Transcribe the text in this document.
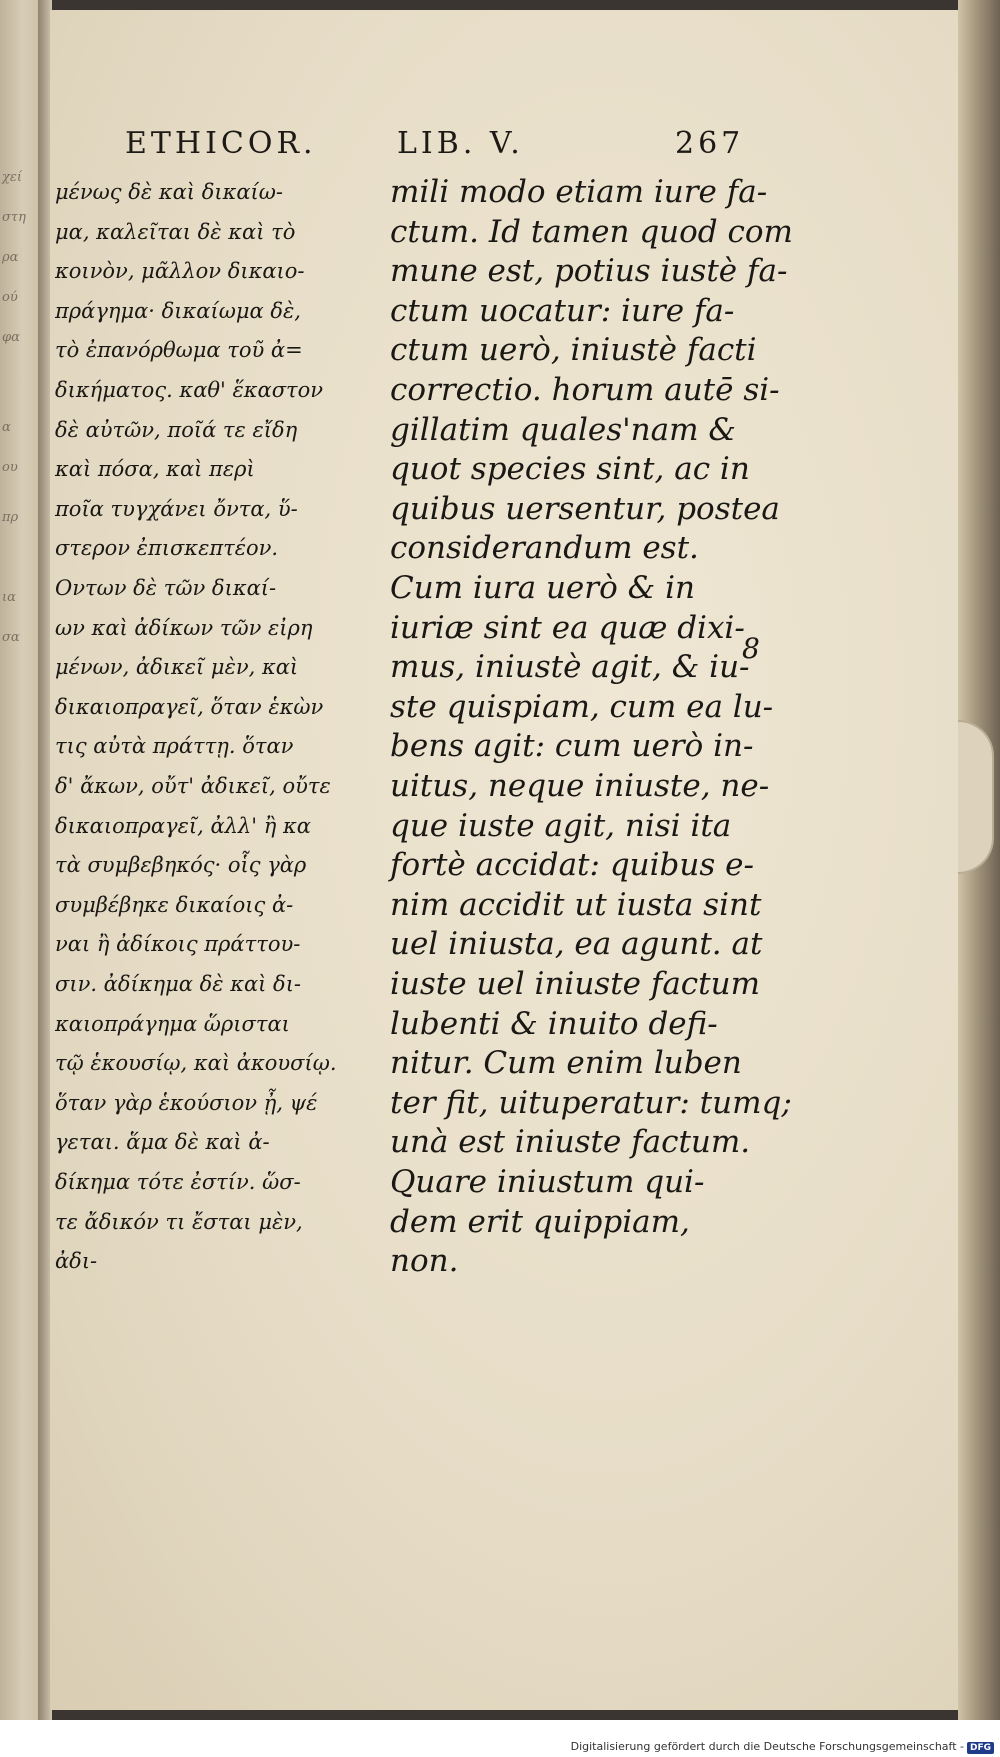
χεί
στη
ρα
ού
φα
α
ου
πρ
ια
σα
ETHICOR.	LIB. V.	267
μένως δὲ καὶ δικαίω-
μα, καλεῖται δὲ καὶ τὸ
κοινὸν, μᾶλλον δικαιο-
πράγημα· δικαίωμα δὲ,
τὸ ἐπανόρθωμα τοῦ ἀ=
δικήματος. καθ' ἕκαστον
δὲ αὐτῶν, ποῖά τε εἴδη
καὶ πόσα, καὶ περὶ
ποῖα τυγχάνει ὄντα, ὕ-
στερον ἐπισκεπτέον.
Οντων δὲ τῶν δικαί-
ων καὶ ἀδίκων τῶν εἰρη
μένων, ἀδικεῖ μὲν, καὶ
δικαιοπραγεῖ, ὅταν ἑκὼν
τις αὐτὰ πράττῃ. ὅταν
δ' ἄκων, οὔτ' ἀδικεῖ, οὔτε
δικαιοπραγεῖ, ἀλλ' ἢ κα
τὰ συμβεβηκός· οἷς γὰρ
συμβέβηκε δικαίοις ἀ-
ναι ἢ ἀδίκοις πράττου-
σιν. ἀδίκημα δὲ καὶ δι-
καιοπράγημα ὥρισται
τῷ ἑκουσίῳ, καὶ ἀκουσίῳ.
ὅταν γὰρ ἑκούσιον ᾖ, ψέ
γεται. ἅμα δὲ καὶ ἀ-
δίκημα τότε ἐστίν. ὥσ-
τε ἄδικόν τι ἔσται μὲν,
ἀδι-
mili modo etiam iure fa-
ctum. Id tamen quod com
mune est, potius iustè fa-
ctum uocatur: iure fa-
ctum uerò, iniustè facti
correctio. horum autē si-
gillatim quales'nam &
quot species sint, ac in
quibus uersentur, postea
considerandum est.
Cum iura uerò & in
iuriæ sint ea quæ dixi-
mus, iniustè agit, & iu-
ste quispiam, cum ea lu-
bens agit: cum uerò in-
uitus, neque iniuste, ne-
que iuste agit, nisi ita
fortè accidat: quibus e-
nim accidit ut iusta sint
uel iniusta, ea agunt. at
iuste uel iniuste factum
lubenti & inuito defi-
nitur. Cum enim luben
ter fit, uituperatur: tumq;
unà est iniuste factum.
Quare iniustum qui-
dem erit quippiam,
non.
8
Digitalisierung gefördert durch die Deutsche Forschungsgemeinschaft - DFG
